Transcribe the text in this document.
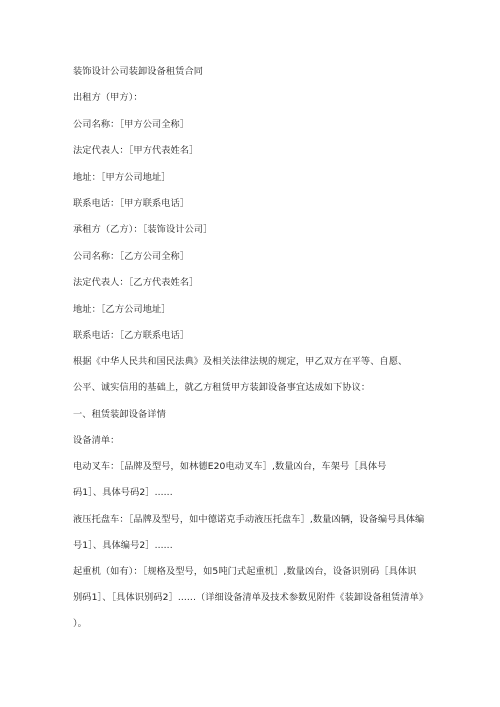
装饰设计公司装卸设备租赁合同
出租方（甲方）：
公司名称：［甲方公司全称］
法定代表人：［甲方代表姓名］
地址：［甲方公司地址］
联系电话：［甲方联系电话］
承租方（乙方）：［装饰设计公司］
公司名称：［乙方公司全称］
法定代表人：［乙方代表姓名］
地址：［乙方公司地址］
联系电话：［乙方联系电话］
根据《中华人民共和国民法典》及相关法律法规的规定，甲乙双方在平等、自愿、
公平、诚实信用的基础上，就乙方租赁甲方装卸设备事宜达成如下协议：
一、租赁装卸设备详情
设备清单：
电动叉车：［品牌及型号，如林德E20电动叉车］,数量凶台，车架号［具体号
码1］、具体号码2］......
液压托盘车：［品牌及型号，如中德诺克手动液压托盘车］,数量凶辆，设备编号具体编
号1］、具体编号2］......
起重机（如有）：［规格及型号，如5吨门式起重机］,数量凶台，设备识别码［具体识
别码1］、［具体识别码2］......（详细设备清单及技术参数见附件《装卸设备租赁清单》
）。
